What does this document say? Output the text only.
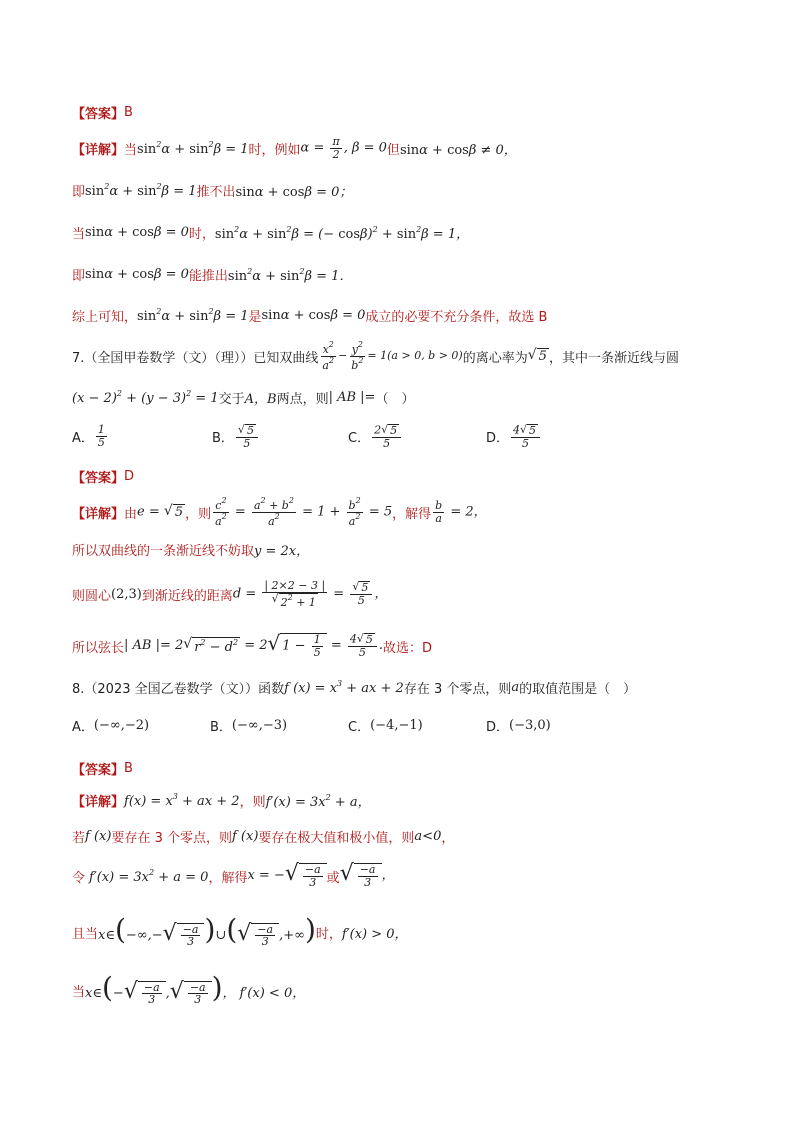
【答案】 B
【详解】 当 $\sin^2\alpha + \sin^2\beta = 1$ 时，例如 $\alpha = \frac{\pi}{2}$ , β = 0 但 sinα + cosβ ≠ 0，
即 $\sin^2\alpha + \sin^2\beta = 1$ 推不出 sinα + cosβ = 0；
当 sinα + cosβ = 0 时， $\sin^2\alpha + \sin^2\beta$ = (− $\cos\beta)^2 + \sin^2\beta = 1$，
即 sinα + cosβ = 0 能推出 $\sin^2\alpha + \sin^2\beta = 1$．
综上可知， $\sin^2\alpha + \sin^2\beta = 1$ 是 sinα + cosβ = 0 成立的必要不充分条件，故选 B
7.（全国甲卷数学（文）（理））已知双曲线 $\frac{x^2}{a^2} - \frac{y^2}{b^2} = 1(a > 0$, b > 0) 的离心率为 √ 5 ，其中一条渐近线与圆
$(x - 2)^2 + (y - 3)^2 = 1$ 交于 A，B 两点，则 | AB |= （　）
A． $\frac{1}{5}$	B． $\frac{√ 5}{5}$	C． $\frac{2 √ 5}{5}$	D． $\frac{4 √ 5}{5}$
【答案】 D
【详解】 由 e = √ 5 ，则 $\frac{c^2}{a^2} = \frac{a^2 + b^2}{a^2} = 1 + \frac{b^2}{a^2} = 5$ ，解得 $\frac{b}{a} = 2$，
所以双曲线的一条渐近线不妨取 y = 2x，
则圆心 (2,3) 到渐近线的距离 $d = \frac{| 2\times 2 - 3 |}{√ 2^2 + 1} = \frac{√ 5}{5}$ ，
所以弦长 | AB |= 2 √ $r^2 - d^2 = 2$ √ $1 - \frac{1}{5} = \frac{4 √ 5}{5}$ . 故选：D
8.（2023 全国乙卷数学（文））函数 f $(x) = x^3$ + ax + 2 存在 3 个零点，则 a 的取值范围是（　）
A． (−∞,−2)	B． (−∞,−3)	C． (−4,−1)	D． (−3,0)
【答案】 B
【详解】 $f(x) = x^3$ + ax + 2 ，则 $f'(x) = 3x^2 + a$，
若 f (x) 要存在 3 个零点，则 f (x) 要存在极大值和极小值，则 a<0 ，
令 $f'(x) = 3x^2 + a = 0$ ，解得 x = − √ $\frac{-a}{3}$ 或 √ $\frac{-a}{3}$ ，
且当 x∈(−∞,− √ $\frac{-a}{3}$ )∪( √ $\frac{-a}{3}$ ,+∞) 时， f′(x) > 0，
当 x∈(− √ $\frac{-a}{3}$ , √ $\frac{-a}{3}$ )， f′(x) < 0，
